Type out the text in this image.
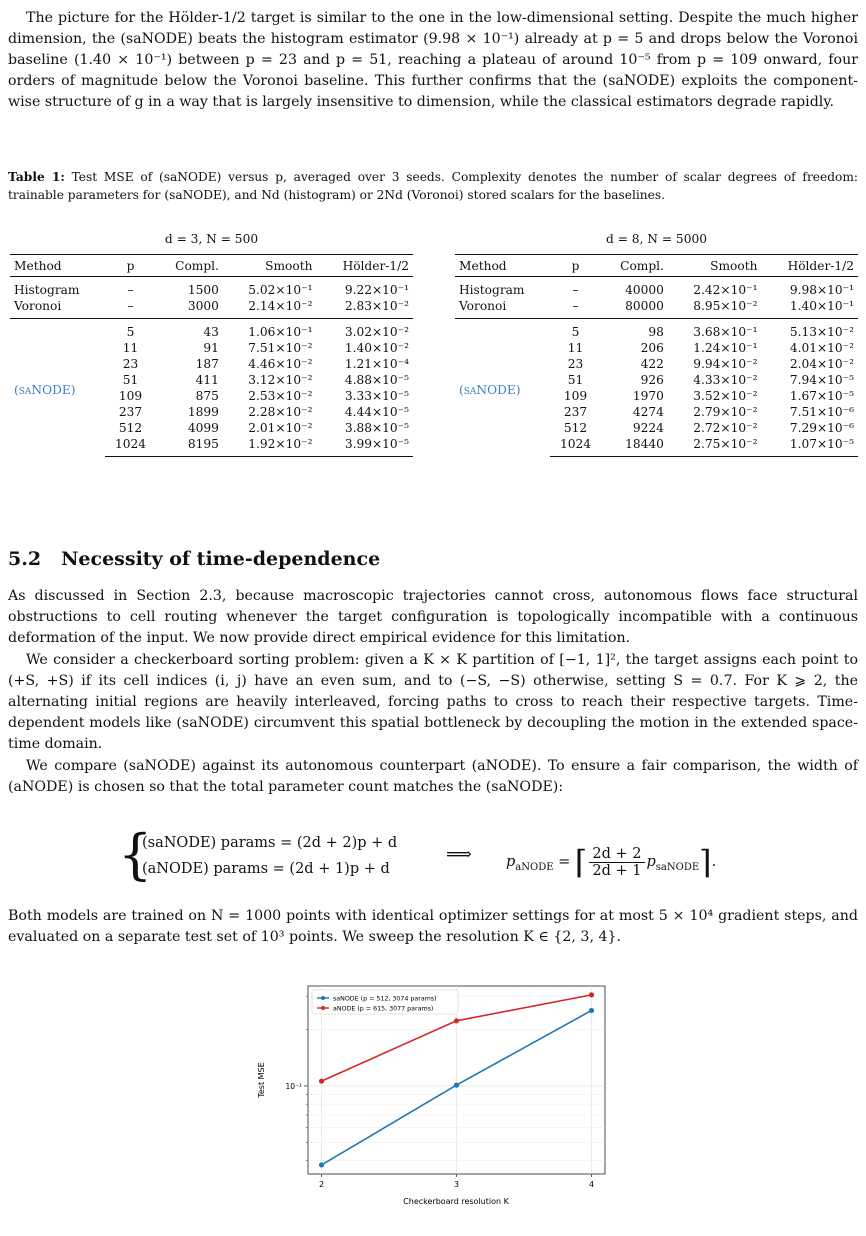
The picture for the Hölder-1/2 target is similar to the one in the low-dimensional setting. Despite the much higher dimension, the (saNODE) beats the histogram estimator (9.98 × 10⁻¹) already at p = 5 and drops below the Voronoi baseline (1.40 × 10⁻¹) between p = 23 and p = 51, reaching a plateau of around 10⁻⁵ from p = 109 onward, four orders of magnitude below the Voronoi baseline. This further confirms that the (saNODE) exploits the component-wise structure of g in a way that is largely insensitive to dimension, while the classical estimators degrade rapidly.

Table 1: Test MSE of (saNODE) versus p, averaged over 3 seeds. Complexity denotes the number of scalar degrees of freedom: trainable parameters for (saNODE), and Nd (histogram) or 2Nd (Voronoi) stored scalars for the baselines.

d = 3, N = 500				
Method	p	Compl.	Smooth	Hölder-1/2
Histogram	–	1500	5.02×10⁻¹	9.22×10⁻¹
Voronoi	–	3000	2.14×10⁻²	2.83×10⁻²
(saNODE)	5	43	1.06×10⁻¹	3.02×10⁻²
	11	91	7.51×10⁻²	1.40×10⁻²
	23	187	4.46×10⁻²	1.21×10⁻⁴
	51	411	3.12×10⁻²	4.88×10⁻⁵
	109	875	2.53×10⁻²	3.33×10⁻⁵
	237	1899	2.28×10⁻²	4.44×10⁻⁵
	512	4099	2.01×10⁻²	3.88×10⁻⁵
	1024	8195	1.92×10⁻²	3.99×10⁻⁵
d = 8, N = 5000				
Method	p	Compl.	Smooth	Hölder-1/2
Histogram	–	40000	2.42×10⁻¹	9.98×10⁻¹
Voronoi	–	80000	8.95×10⁻²	1.40×10⁻¹
(saNODE)	5	98	3.68×10⁻¹	5.13×10⁻²
	11	206	1.24×10⁻¹	4.01×10⁻²
	23	422	9.94×10⁻²	2.04×10⁻²
	51	926	4.33×10⁻²	7.94×10⁻⁵
	109	1970	3.52×10⁻²	1.67×10⁻⁵
	237	4274	2.79×10⁻²	7.51×10⁻⁶
	512	9224	2.72×10⁻²	7.29×10⁻⁶
	1024	18440	2.75×10⁻²	1.07×10⁻⁵
5.2 Necessity of time-dependence

As discussed in Section 2.3, because macroscopic trajectories cannot cross, autonomous flows face structural obstructions to cell routing whenever the target configuration is topologically incompatible with a continuous deformation of the input. We now provide direct empirical evidence for this limitation.

We consider a checkerboard sorting problem: given a K × K partition of [−1, 1]², the target assigns each point to (+S, +S) if its cell indices (i, j) have an even sum, and to (−S, −S) otherwise, setting S = 0.7. For K ⩾ 2, the alternating initial regions are heavily interleaved, forcing paths to cross to reach their respective targets. Time-dependent models like (saNODE) circumvent this spatial bottleneck by decoupling the motion in the extended space-time domain.

We compare (saNODE) against its autonomous counterpart (aNODE). To ensure a fair comparison, the width of (aNODE) is chosen so that the total parameter count matches the (saNODE):

{
(saNODE) params = (2d + 2)p + d
(aNODE) params = (2d + 1)p + d
⟹ $p_{aNODE}$ = ⌈ $\frac{2d + 2}{2d + 1}$ $p_{saNODE}⌉$.

Both models are trained on N = 1000 points with identical optimizer settings for at most 5 × 10⁴ gradient steps, and evaluated on a separate test set of 10³ points. We sweep the resolution K ∈ {2, 3, 4}.

2	3	4
10⁻¹
Checkerboard resolution K
Test MSE
saNODE (p = 512, 3074 params)
aNODE (p = 615, 3077 params)
